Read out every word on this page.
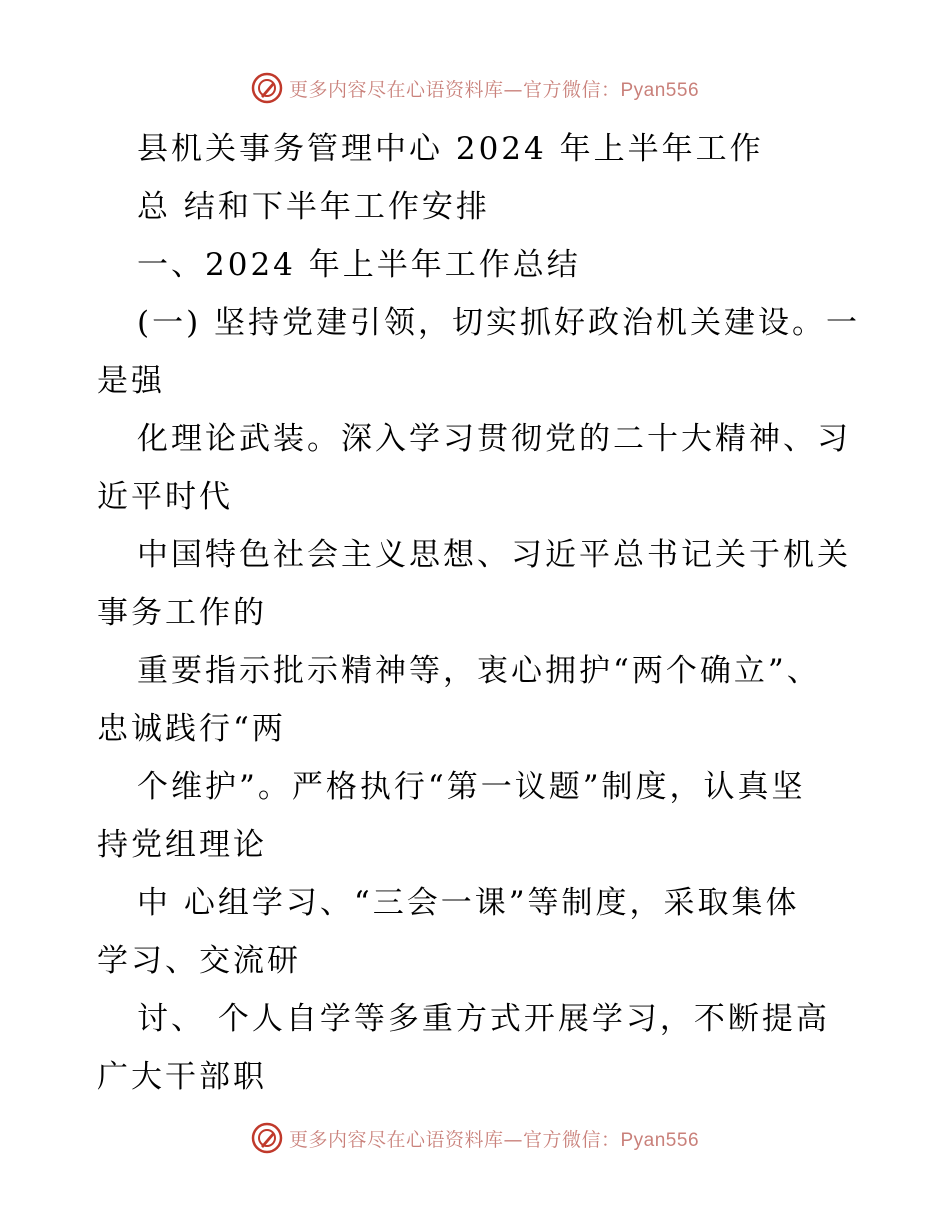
更多内容尽在心语资料库—官方微信：Pyan556
县机关事务管理中心 2024 年上半年工作
总 结和下半年工作安排
一、2024 年上半年工作总结
(一) 坚持党建引领，切实抓好政治机关建设。一
是强
化理论武装。深入学习贯彻党的二十大精神、习
近平时代
中国特色社会主义思想、习近平总书记关于机关
事务工作的
重要指示批示精神等，衷心拥护“两个确立”、
忠诚践行“两
个维护”。严格执行“第一议题”制度，认真坚
持党组理论
中 心组学习、“三会一课”等制度，采取集体
学习、交流研
讨、 个人自学等多重方式开展学习，不断提高
广大干部职
更多内容尽在心语资料库—官方微信：Pyan556
